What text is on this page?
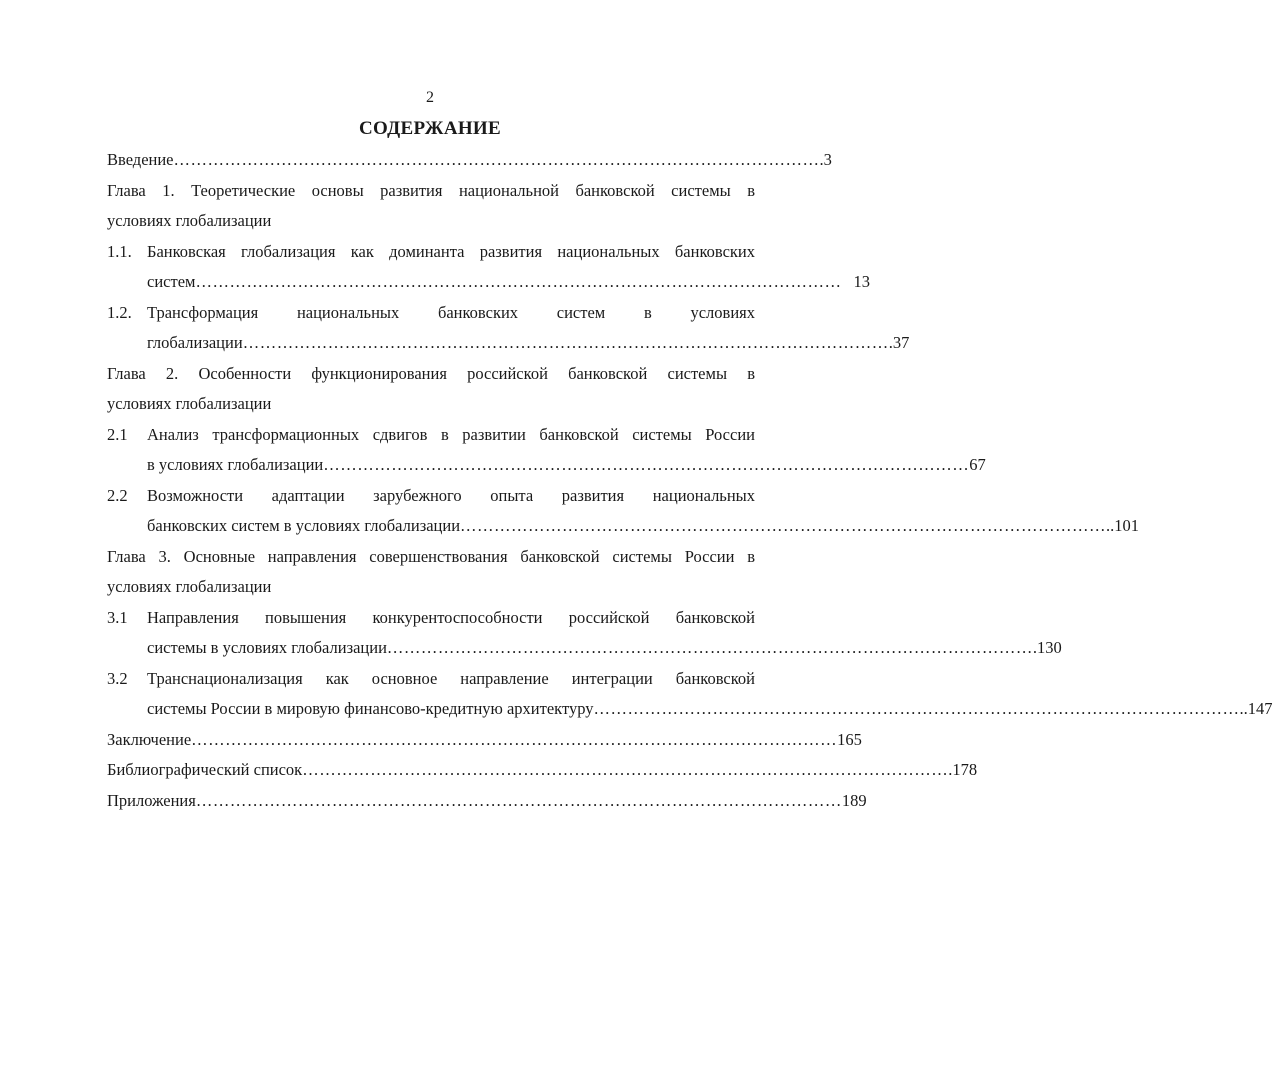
2
СОДЕРЖАНИЕ
Введение …………………………………………………………………………………………………… .3
Глава 1. Теоретические основы развития национальной банковской системы в
условиях глобализации
1.1. Банковская глобализация как доминанта развития национальных банковских
систем …………………………………………………………………………………………………… 13
1.2. Трансформация национальных банковских систем в условиях
глобализации …………………………………………………………………………………………………… .37
Глава 2. Особенности функционирования российской банковской системы в
условиях глобализации
2.1 Анализ трансформационных сдвигов в развитии банковской системы России
в условиях глобализации …………………………………………………………………………………………………… 67
2.2 Возможности адаптации зарубежного опыта развития национальных
банковских систем в условиях глобализации …………………………………………………………………………………………………… ..101
Глава 3. Основные направления совершенствования банковской системы России в
условиях глобализации
3.1 Направления повышения конкурентоспособности российской банковской
системы в условиях глобализации …………………………………………………………………………………………………… .130
3.2 Транснационализация как основное направление интеграции банковской
системы России в мировую финансово-кредитную архитектуру …………………………………………………………………………………………………… ..147
Заключение …………………………………………………………………………………………………… 165
Библиографический список …………………………………………………………………………………………………… .178
Приложения …………………………………………………………………………………………………… 189
